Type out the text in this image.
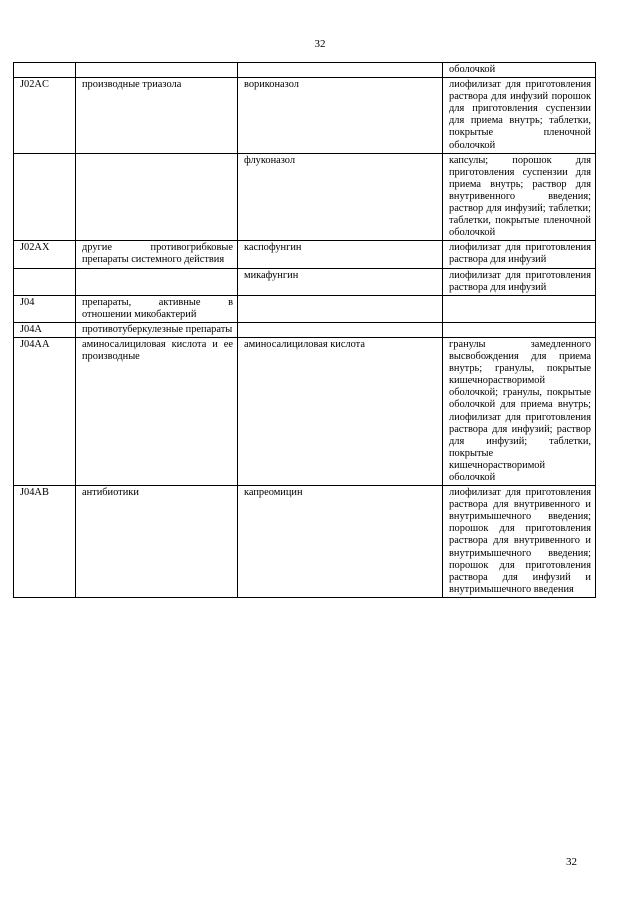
32
			оболочкой
J02AC	производные триазола	вориконазол	лиофилизат для приготовления раствора для инфузий порошок для приготовления суспензии для приема внутрь; таблетки, покрытые пленочной оболочкой
		флуконазол	капсулы; порошок для приготовления суспензии для приема внутрь; раствор для внутривенного введения; раствор для инфузий; таблетки; таблетки, покрытые пленочной оболочкой
J02AX	другие противогрибковые препараты системного действия	каспофунгин	лиофилизат для приготовления раствора для инфузий
		микафунгин	лиофилизат для приготовления раствора для инфузий
J04	препараты, активные в отношении микобактерий		
J04A	противотуберкулезные препараты		
J04AA	аминосалициловая кислота и ее производные	аминосалициловая кислота	гранулы замедленного высвобождения для приема внутрь; гранулы, покрытые кишечнорастворимой оболочкой; гранулы, покрытые оболочкой для приема внутрь; лиофилизат для приготовления раствора для инфузий; раствор для инфузий; таблетки, покрытые кишечнорастворимой оболочкой
J04AB	антибиотики	капреомицин	лиофилизат для приготовления раствора для внутривенного и внутримышечного введения; порошок для приготовления раствора для внутривенного и внутримышечного введения; порошок для приготовления раствора для инфузий и внутримышечного введения
32
